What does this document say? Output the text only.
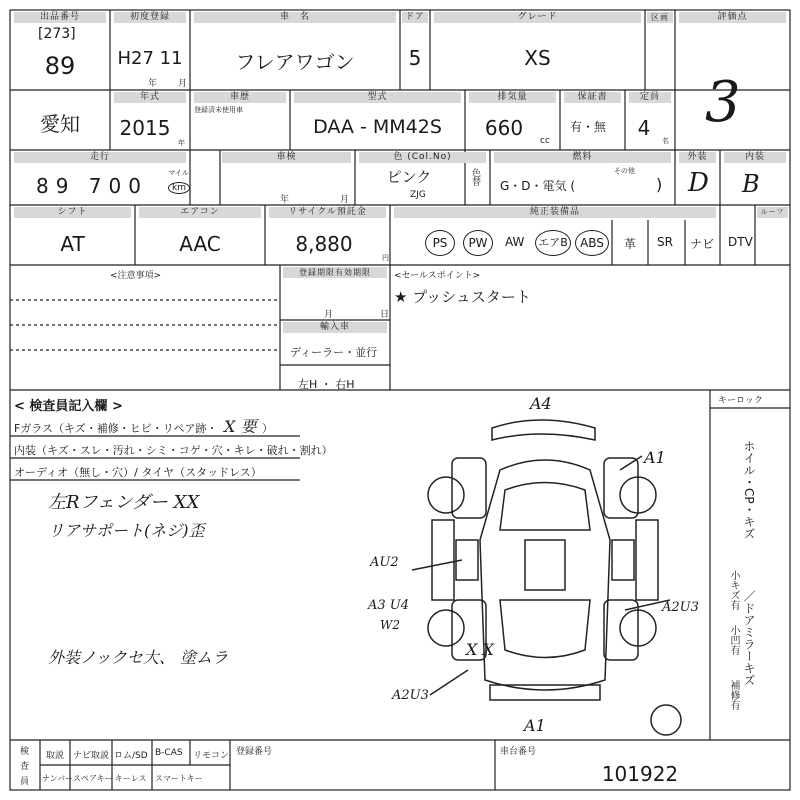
出品番号
[273]
89
初度登録
H27 11
年 月
車　名
フレアワゴン
ドア
5
グレード
XS
区画	評価点
3
愛知
年式
2015
年
車歴
登録済未使用車
型式
DAA - MM42S
排気量
660
cc
保証書
有・無
定員
4
名
走行
89 700
マイル
km
車検
年	月
色 (Col.No)
ピンク
ZJG
色替
燃料
G・D・電気 (
その他
)
外装
D
内装
B
シフト
AT
エアコン
AAC
リサイクル預託金
8,880
円
純正装備品
PS	PW	AW エアB	ABS	革 SR ナビ DTV
ルーフ
<注意事項>	登録期限有効期限
月	日
輸入車
ディーラー・並行
左H ・ 右H
<セールスポイント>
★ プッシュスタート
< 検査員記入欄 >
Fガラス（キズ・補修・ヒビ・リペア跡・ X 要 ）
内装（キズ・スレ・汚れ・シミ・コゲ・穴・キレ・破れ・割れ）
オーディオ（無し・穴）/ タイヤ（スタッドレス）
左Rフェンダー XX
リアサポート(ネジ)歪
外装ノックセ大、 塗ムラ
キーロック
A4
A1
AU2
A3 U4
W2
A2U3
A2U3
A1
X X
ホイル・CP・キズ
／ドアミラーキズ
小キズ有
小凹有
補修有
検
査
員
取説 ナビ取説 ロム/SD B-CAS リモコン
ナンバー スペアキー キーレス スマートキー
登録番号	車台番号
101922
